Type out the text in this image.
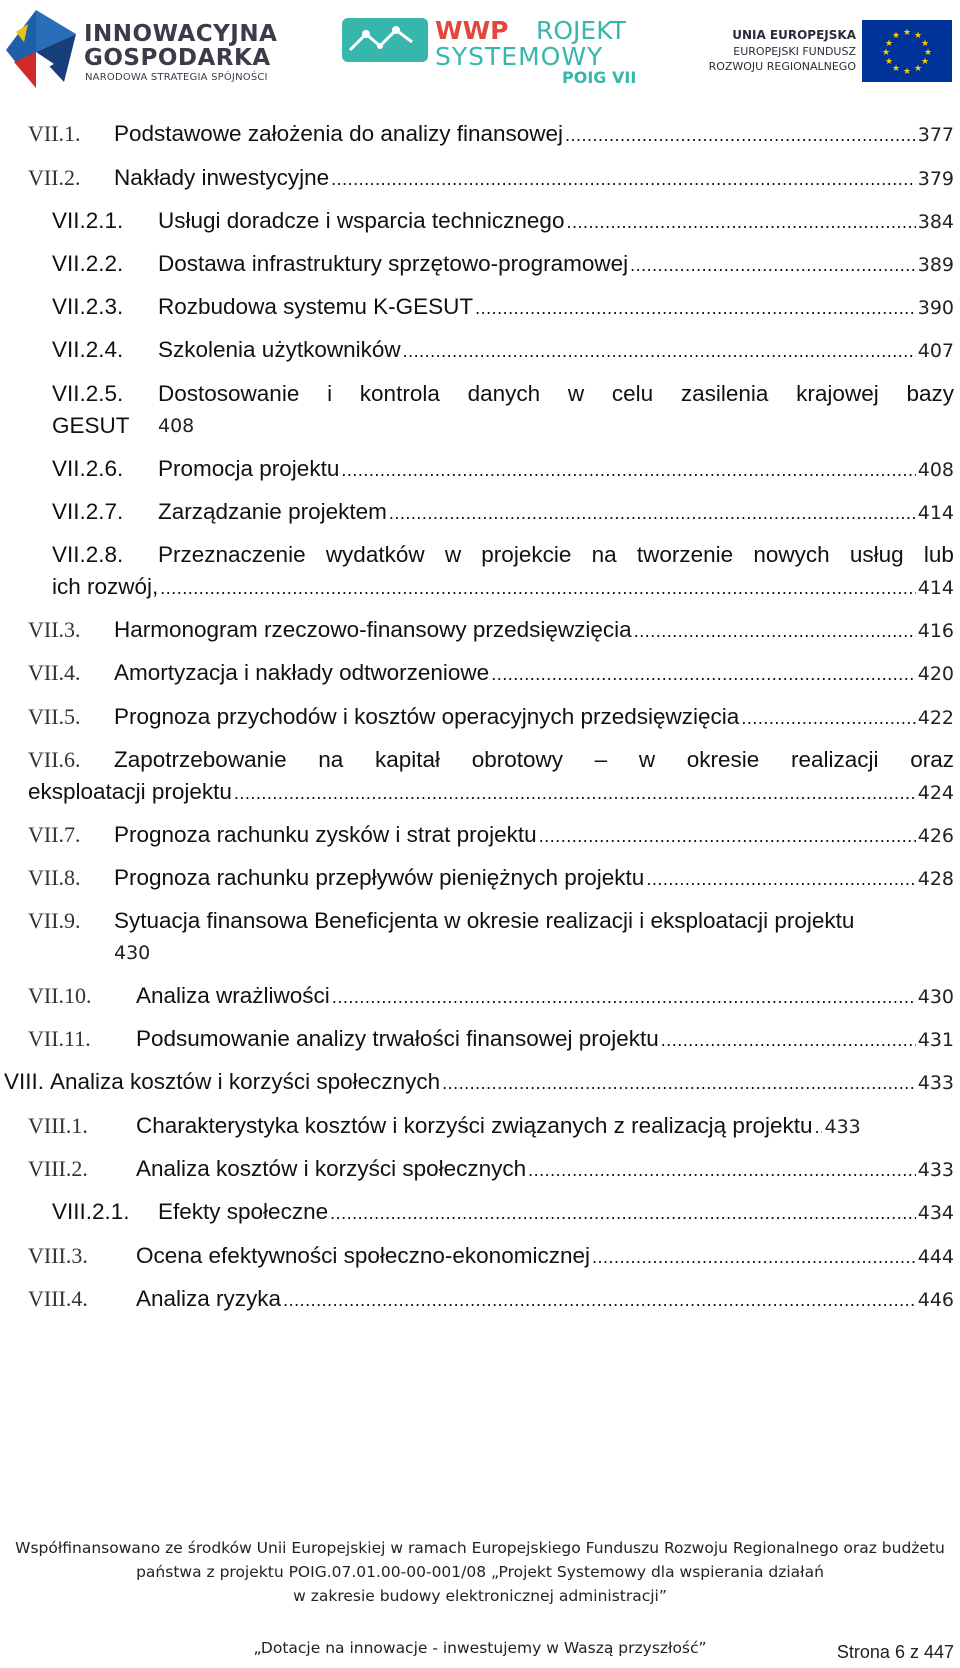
INNOWACYJNA
GOSPODARKA
NARODOWA STRATEGIA SPÓJNOŚCI
WWP ROJEKT
SYSTEMOWY
POIG VII
UNIA EUROPEJSKA
EUROPEJSKI FUNDUSZ
ROZWOJU REGIONALNEGO
★ ★
★
★
★
★
★
★
★
★
★
★
VII.1. Podstawowe założenia do analizy finansowej .....	377
VII.2. Nakłady inwestycyjne .....	379
VII.2.1. Usługi doradcze i wsparcia technicznego .....	384
VII.2.2. Dostawa infrastruktury sprzętowo-programowej .....	389
VII.2.3. Rozbudowa systemu K-GESUT .....	390
VII.2.4. Szkolenia użytkowników .....	407
VII.2.5. Dostosowanie i kontrola danych w celu zasilenia krajowej bazy
GESUT 408
VII.2.6. Promocja projektu .....	408
VII.2.7. Zarządzanie projektem .....	414
VII.2.8. Przeznaczenie wydatków w projekcie na tworzenie nowych usług lub
ich rozwój, .....	414
VII.3. Harmonogram rzeczowo-finansowy przedsięwzięcia .....	416
VII.4. Amortyzacja i nakłady odtworzeniowe .....	420
VII.5. Prognoza przychodów i kosztów operacyjnych przedsięwzięcia .....	422
VII.6. Zapotrzebowanie na kapitał obrotowy – w okresie realizacji oraz
eksploatacji projektu .....	424
VII.7. Prognoza rachunku zysków i strat projektu .....	426
VII.8. Prognoza rachunku przepływów pieniężnych projektu .....	428
VII.9. Sytuacja finansowa Beneficjenta w okresie realizacji i eksploatacji projektu
430
VII.10. Analiza wrażliwości .....	430
VII.11. Podsumowanie analizy trwałości finansowej projektu .....	431
VIII. Analiza kosztów i korzyści społecznych .....	433
VIII.1. Charakterystyka kosztów i korzyści związanych z realizacją projektu ..... 433
VIII.2. Analiza kosztów i korzyści społecznych .....	433
VIII.2.1. Efekty społeczne .....	434
VIII.3. Ocena efektywności społeczno-ekonomicznej .....	444
VIII.4. Analiza ryzyka .....	446
Współfinansowano ze środków Unii Europejskiej w ramach Europejskiego Funduszu Rozwoju Regionalnego oraz budżetu
państwa z projektu POIG.07.01.00-00-001/08 „Projekt Systemowy dla wspierania działań
w zakresie budowy elektronicznej administracji”
„Dotacje na innowacje - inwestujemy w Waszą przyszłość”	Strona 6 z 447
